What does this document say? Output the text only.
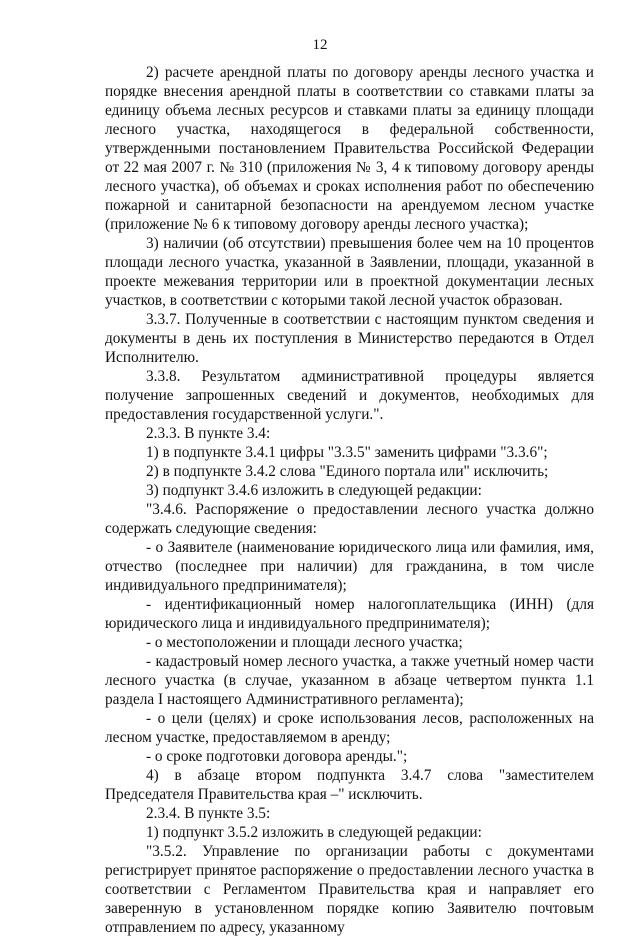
12

2) расчете арендной платы по договору аренды лесного участка и порядке внесения арендной платы в соответствии со ставками платы за единицу объема лесных ресурсов и ставками платы за единицу площади лесного участка, находящегося в федеральной собственности, утвержденными постановлением Правительства Российской Федерации от 22 мая 2007 г. № 310 (приложения № 3, 4 к типовому договору аренды лесного участка), об объемах и сроках исполнения работ по обеспечению пожарной и санитарной безопасности на арендуемом лесном участке (приложение № 6 к типовому договору аренды лесного участка);

3) наличии (об отсутствии) превышения более чем на 10 процентов площади лесного участка, указанной в Заявлении, площади, указанной в проекте межевания территории или в проектной документации лесных участков, в соответствии с которыми такой лесной участок образован.

3.3.7. Полученные в соответствии с настоящим пунктом сведения и документы в день их поступления в Министерство передаются в Отдел Исполнителю.

3.3.8. Результатом административной процедуры является получение запрошенных сведений и документов, необходимых для предоставления государственной услуги.".

2.3.3. В пункте 3.4:

1) в подпункте 3.4.1 цифры "3.3.5" заменить цифрами "3.3.6";

2) в подпункте 3.4.2 слова "Единого портала или" исключить;

3) подпункт 3.4.6 изложить в следующей редакции:

"3.4.6. Распоряжение о предоставлении лесного участка должно содержать следующие сведения:

- о Заявителе (наименование юридического лица или фамилия, имя, отчество (последнее при наличии) для гражданина, в том числе индивидуального предпринимателя);

- идентификационный номер налогоплательщика (ИНН) (для юридического лица и индивидуального предпринимателя);

- о местоположении и площади лесного участка;

- кадастровый номер лесного участка, а также учетный номер части лесного участка (в случае, указанном в абзаце четвертом пункта 1.1 раздела I настоящего Административного регламента);

- о цели (целях) и сроке использования лесов, расположенных на лесном участке, предоставляемом в аренду;

- о сроке подготовки договора аренды.";

4) в абзаце втором подпункта 3.4.7 слова "заместителем Председателя Правительства края –" исключить.

2.3.4. В пункте 3.5:

1) подпункт 3.5.2 изложить в следующей редакции:

"3.5.2. Управление по организации работы с документами регистрирует принятое распоряжение о предоставлении лесного участка в соответствии с Регламентом Правительства края и направляет его заверенную в установленном порядке копию Заявителю почтовым отправлением по адресу, указанному
